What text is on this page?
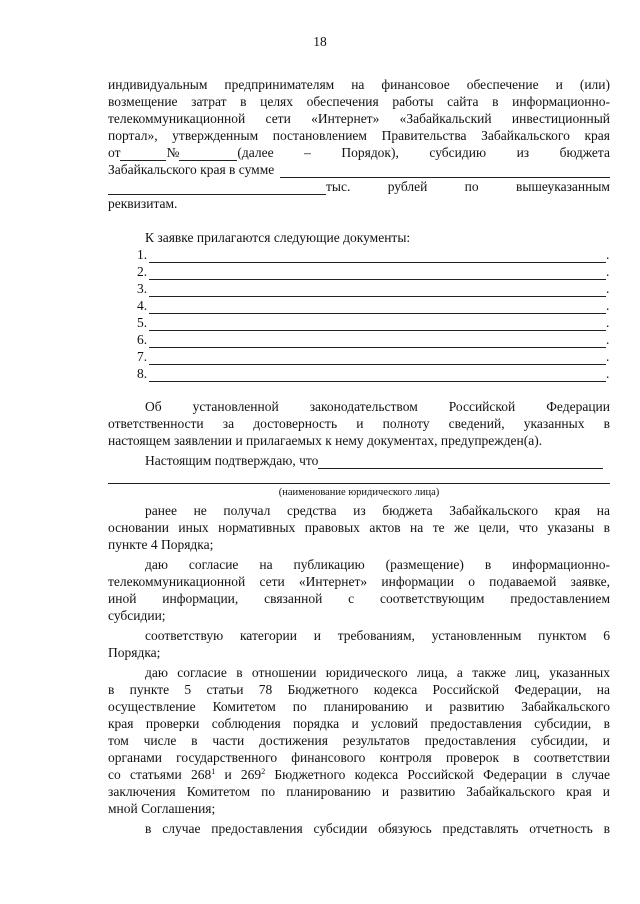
18
индивидуальным предпринимателям на финансовое обеспечение и (или)
возмещение затрат в целях обеспечения работы сайта в информационно-
телекоммуникационной сети «Интернет» «Забайкальский инвестиционный
портал», утвержденным постановлением Правительства Забайкальского края
от	№	(далее – Порядок), субсидию из бюджета
Забайкальского края в сумме
тыс.	рублей	по	вышеуказанным
реквизитам.
К заявке прилагаются следующие документы:
1.	.
2.	.
3.	.
4.	.
5.	.
6.	.
7.	.
8.	.
Об установленной законодательством Российской Федерации
ответственности за достоверность и полноту сведений, указанных в
настоящем заявлении и прилагаемых к нему документах, предупрежден(а).
Настоящим подтверждаю, что
(наименование юридического лица)
ранее не получал средства из бюджета Забайкальского края на
основании иных нормативных правовых актов на те же цели, что указаны в
пункте 4 Порядка;
даю согласие на публикацию (размещение) в информационно-
телекоммуникационной сети «Интернет» информации о подаваемой заявке,
иной информации, связанной с соответствующим предоставлением
субсидии;
соответствую категории и требованиям, установленным пунктом 6
Порядка;
даю согласие в отношении юридического лица, а также лиц, указанных
в пункте 5 статьи 78 Бюджетного кодекса Российской Федерации, на
осуществление Комитетом по планированию и развитию Забайкальского
края проверки соблюдения порядка и условий предоставления субсидии, в
том числе в части достижения результатов предоставления субсидии, и
органами государственного финансового контроля проверок в соответствии
со статьями $268^1$ и $269^2$ Бюджетного кодекса Российской Федерации в случае
заключения Комитетом по планированию и развитию Забайкальского края и
мной Соглашения;
в случае предоставления субсидии обязуюсь представлять отчетность в
